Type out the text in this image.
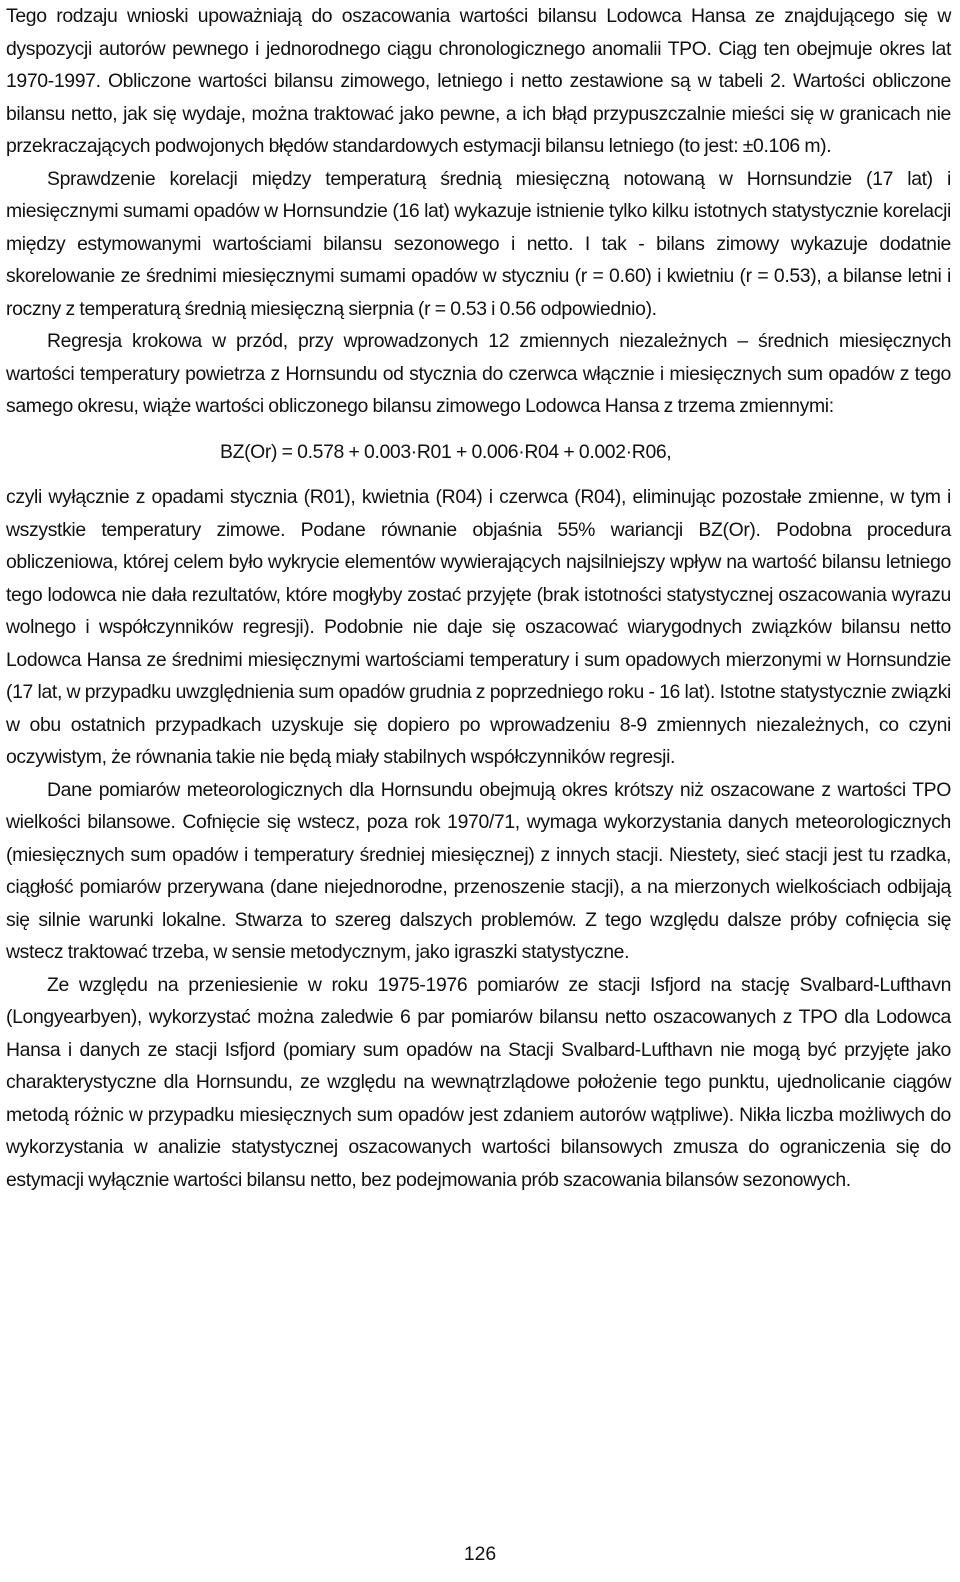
Tego rodzaju wnioski upoważniają do oszacowania wartości bilansu Lodowca Hansa ze znajdującego się w dyspozycji autorów pewnego i jednorodnego ciągu chronologicznego anomalii TPO. Ciąg ten obejmuje okres lat 1970-1997. Obliczone wartości bilansu zimowego, letniego i netto zestawione są w tabeli 2. Wartości obliczone bilansu netto, jak się wydaje, można traktować jako pewne, a ich błąd przypuszczalnie mieści się w granicach nie przekraczających podwojonych błędów standardowych estymacji bilansu letniego (to jest: ±0.106 m).

Sprawdzenie korelacji między temperaturą średnią miesięczną notowaną w Hornsundzie (17 lat) i miesięcznymi sumami opadów w Hornsundzie (16 lat) wykazuje istnienie tylko kilku istotnych statystycznie korelacji między estymowanymi wartościami bilansu sezonowego i netto. I tak - bilans zimowy wykazuje dodatnie skorelowanie ze średnimi miesięcznymi sumami opadów w styczniu (r = 0.60) i kwietniu (r = 0.53), a bilanse letni i roczny z temperaturą średnią miesięczną sierpnia (r = 0.53 i 0.56 odpowiednio).

Regresja krokowa w przód, przy wprowadzonych 12 zmiennych niezależnych – średnich miesięcznych wartości temperatury powietrza z Hornsundu od stycznia do czerwca włącznie i miesięcznych sum opadów z tego samego okresu, wiąże wartości obliczonego bilansu zimowego Lodowca Hansa z trzema zmiennymi:

BZ(Or) = 0.578 + 0.003·R01 + 0.006·R04 + 0.002·R06,

czyli wyłącznie z opadami stycznia (R01), kwietnia (R04) i czerwca (R04), eliminując pozostałe zmienne, w tym i wszystkie temperatury zimowe. Podane równanie objaśnia 55% wariancji BZ(Or). Podobna procedura obliczeniowa, której celem było wykrycie elementów wywierających najsilniejszy wpływ na wartość bilansu letniego tego lodowca nie dała rezultatów, które mogłyby zostać przyjęte (brak istotności statystycznej oszacowania wyrazu wolnego i współczynników regresji). Podobnie nie daje się oszacować wiarygodnych związków bilansu netto Lodowca Hansa ze średnimi miesięcznymi wartościami temperatury i sum opadowych mierzonymi w Hornsundzie (17 lat, w przypadku uwzględnienia sum opadów grudnia z poprzedniego roku - 16 lat). Istotne statystycznie związki w obu ostatnich przypadkach uzyskuje się dopiero po wprowadzeniu 8-9 zmiennych niezależnych, co czyni oczywistym, że równania takie nie będą miały stabilnych współczynników regresji.

Dane pomiarów meteorologicznych dla Hornsundu obejmują okres krótszy niż oszacowane z wartości TPO wielkości bilansowe. Cofnięcie się wstecz, poza rok 1970/71, wymaga wykorzystania danych meteorologicznych (miesięcznych sum opadów i temperatury średniej miesięcznej) z innych stacji. Niestety, sieć stacji jest tu rzadka, ciągłość pomiarów przerywana (dane niejednorodne, przenoszenie stacji), a na mierzonych wielkościach odbijają się silnie warunki lokalne. Stwarza to szereg dalszych problemów. Z tego względu dalsze próby cofnięcia się wstecz traktować trzeba, w sensie metodycznym, jako igraszki statystyczne.

Ze względu na przeniesienie w roku 1975-1976 pomiarów ze stacji Isfjord na stację Svalbard-Lufthavn (Longyearbyen), wykorzystać można zaledwie 6 par pomiarów bilansu netto oszacowanych z TPO dla Lodowca Hansa i danych ze stacji Isfjord (pomiary sum opadów na Stacji Svalbard-Lufthavn nie mogą być przyjęte jako charakterystyczne dla Hornsundu, ze względu na wewnątrzlądowe położenie tego punktu, ujednolicanie ciągów metodą różnic w przypadku miesięcznych sum opadów jest zdaniem autorów wątpliwe). Nikła liczba możliwych do wykorzystania w analizie statystycznej oszacowanych wartości bilansowych zmusza do ograniczenia się do estymacji wyłącznie wartości bilansu netto, bez podejmowania prób szacowania bilansów sezonowych.

126
